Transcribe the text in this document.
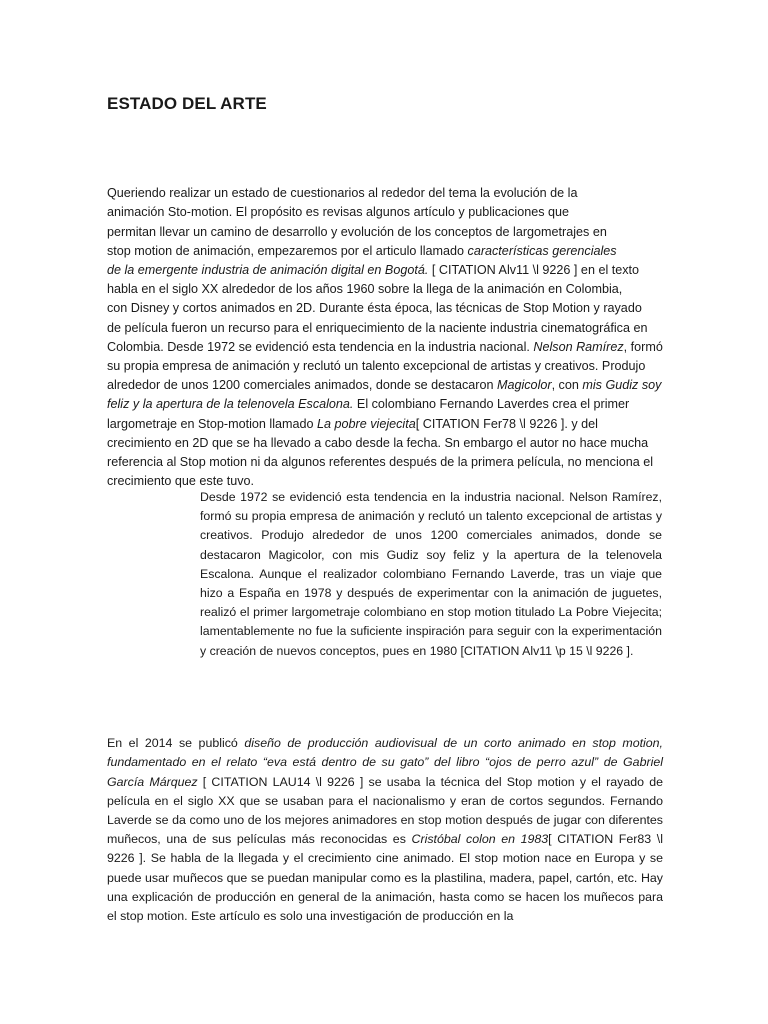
ESTADO DEL ARTE

Queriendo realizar un estado de cuestionarios al rededor del tema la evolución de la
animación Sto-motion. El propósito es revisas algunos artículo y publicaciones que
permitan llevar un camino de desarrollo y evolución de los conceptos de largometrajes en
stop motion de animación, empezaremos por el articulo llamado características gerenciales
de la emergente industria de animación digital en Bogotá. [ CITATION Alv11 \l 9226 ] en el texto
habla en el siglo XX alrededor de los años 1960 sobre la llega de la animación en Colombia,
con Disney y cortos animados en 2D. Durante ésta época, las técnicas de Stop Motion y rayado
de película fueron un recurso para el enriquecimiento de la naciente industria cinematográfica en
Colombia. Desde 1972 se evidenció esta tendencia en la industria nacional. Nelson Ramírez, formó
su propia empresa de animación y reclutó un talento excepcional de artistas y creativos. Produjo
alrededor de unos 1200 comerciales animados, donde se destacaron Magicolor, con mis Gudiz soy
feliz y la apertura de la telenovela Escalona. El colombiano Fernando Laverdes crea el primer
largometraje en Stop-motion llamado La pobre viejecita[ CITATION Fer78 \l 9226 ]. y del
crecimiento en 2D que se ha llevado a cabo desde la fecha. Sn embargo el autor no hace mucha
referencia al Stop motion ni da algunos referentes después de la primera película, no menciona el
crecimiento que este tuvo.

Desde 1972 se evidenció esta tendencia en la industria nacional. Nelson Ramírez, formó su propia empresa de animación y reclutó un talento excepcional de artistas y creativos. Produjo alrededor de unos 1200 comerciales animados, donde se destacaron Magicolor, con mis Gudiz soy feliz y la apertura de la telenovela Escalona. Aunque el realizador colombiano Fernando Laverde, tras un viaje que hizo a España en 1978 y después de experimentar con la animación de juguetes, realizó el primer largometraje colombiano en stop motion titulado La Pobre Viejecita; lamentablemente no fue la suficiente inspiración para seguir con la experimentación y creación de nuevos conceptos, pues en 1980 [CITATION Alv11 \p 15 \l 9226 ].

En el 2014 se publicó diseño de producción audiovisual de un corto animado en stop motion, fundamentado en el relato “eva está dentro de su gato” del libro “ojos de perro azul” de Gabriel García Márquez [ CITATION LAU14 \l 9226 ] se usaba la técnica del Stop motion y el rayado de película en el siglo XX que se usaban para el nacionalismo y eran de cortos segundos. Fernando Laverde se da como uno de los mejores animadores en stop motion después de jugar con diferentes muñecos, una de sus películas más reconocidas es Cristóbal colon en 1983[ CITATION Fer83 \l 9226 ]. Se habla de la llegada y el crecimiento cine animado. El stop motion nace en Europa y se puede usar muñecos que se puedan manipular como es la plastilina, madera, papel, cartón, etc. Hay una explicación de producción en general de la animación, hasta como se hacen los muñecos para el stop motion. Este artículo es solo una investigación de producción en la
